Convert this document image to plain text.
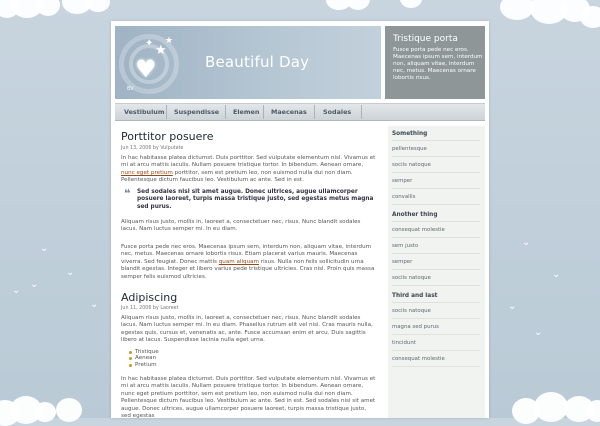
⌄
⌄
⌄
⌄
⌄
⌄
⌄
⌄
⌄
✦ ★
★
♥
BV
Beautiful Day
Tristique porta

Fusce porta pede nec eros. Maecenas ipsum sem, interdum non, aliquam vitae, interdum nec, metus. Maecenas ornare lobortis risus.

Vestibulum Suspendisse Elemen Maecenas	Sodales
Porttitor posuere
Jun 13, 2006 by Vulputate

In hac habitasse platea dictumst. Duis porttitor. Sed vulputate elementum nisl. Vivamus et mi at arcu mattis iaculis. Nullam posuere tristique tortor. In bibendum. Aenean ornare, nunc eget pretium porttitor, sem est pretium leo, non euismod nulla dui non diam. Pellentesque dictum faucibus leo. Vestibulum ac ante. Sed in est.

❝ Sed sodales nisl sit amet augue. Donec ultrices, augue ullamcorper posuere laoreet, turpis massa tristique justo, sed egestas metus magna sed purus.

Aliquam risus justo, mollis in, laoreet a, consectetuer nec, risus. Nunc blandit sodales lacus. Nam luctus semper mi. In eu diam.

Fusce porta pede nec eros. Maecenas ipsum sem, interdum non, aliquam vitae, interdum nec, metus. Maecenas ornare lobortis risus. Etiam placerat varius mauris. Maecenas viverra. Sed feugiat. Donec mattis quam aliquam risus. Nulla non felis sollicitudin urna blandit egestas. Integer et libero varius pede tristique ultricies. Cras nisl. Proin quis massa semper felis euismod ultricies.

Adipiscing
Jun 11, 2006 by Laoreet

Aliquam risus justo, mollis in, laoreet a, consectetuer nec, risus. Nunc blandit sodales lacus. Nam luctus semper mi. In eu diam. Phasellus rutrum elit vel nisi. Cras mauris nulla, egestas quis, cursus et, venenatis ac, ante. Fusce accumsan enim et arcu. Duis sagittis libero at lacus. Suspendisse lacinia nulla eget urna.

Tristique
Aenean
Pretium

In hac habitasse platea dictumst. Duis porttitor. Sed vulputate elementum nisl. Vivamus et mi at arcu mattis iaculis. Nullam posuere tristique tortor. In bibendum. Aenean ornare, nunc eget pretium porttitor, sem est pretium leo, non euismod nulla dui non diam. Pellentesque dictum faucibus leo. Vestibulum ac ante. Sed in est. Sed sodales nisl sit amet augue. Donec ultrices, augue ullamcorper posuere laoreet, turpis massa tristique justo, sed egestas

Something
pellentesque
sociis natoque
semper
convallis
Another thing
consequat molestie
sem justo
semper
sociis natoque
Third and last
sociis natoque
magna sed purus
tincidunt
consequat molestie
